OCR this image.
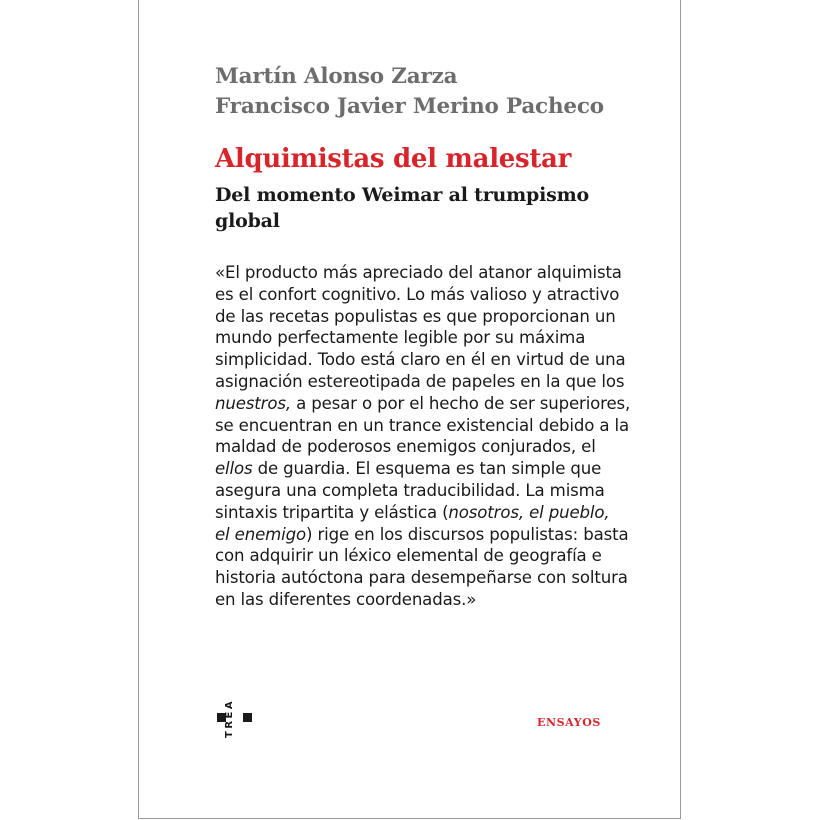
Martín Alonso Zarza
Francisco Javier Merino Pacheco
Alquimistas del malestar
Del momento Weimar al trumpismo
global
«El producto más apreciado del atanor alquimista
es el confort cognitivo. Lo más valioso y atractivo
de las recetas populistas es que proporcionan un
mundo perfectamente legible por su máxima
simplicidad. Todo está claro en él en virtud de una
asignación estereotipada de papeles en la que los
nuestros, a pesar o por el hecho de ser superiores,
se encuentran en un trance existencial debido a la
maldad de poderosos enemigos conjurados, el
ellos de guardia. El esquema es tan simple que
asegura una completa traducibilidad. La misma
sintaxis tripartita y elástica (nosotros, el pueblo,
el enemigo) rige en los discursos populistas: basta
con adquirir un léxico elemental de geografía e
historia autóctona para desempeñarse con soltura
en las diferentes coordenadas.»
TREA	ENSAYOS
